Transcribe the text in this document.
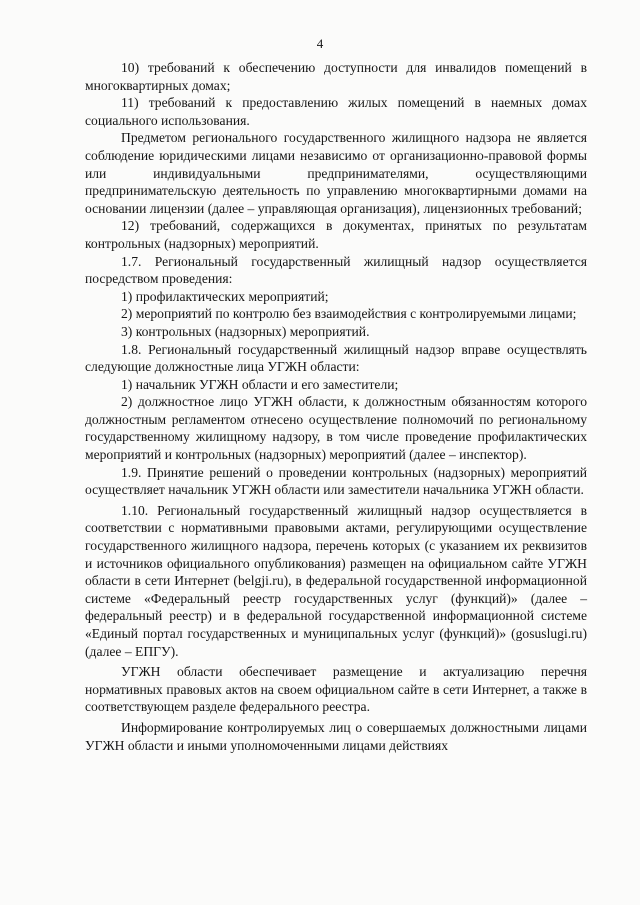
4

10) требований к обеспечению доступности для инвалидов помещений в многоквартирных домах;

11) требований к предоставлению жилых помещений в наемных домах социального использования.

Предметом регионального государственного жилищного надзора не является соблюдение юридическими лицами независимо от организационно-правовой формы или индивидуальными предпринимателями, осуществляющими предпринимательскую деятельность по управлению многоквартирными домами на основании лицензии (далее – управляющая организация), лицензионных требований;

12) требований, содержащихся в документах, принятых по результатам контрольных (надзорных) мероприятий.

1.7. Региональный государственный жилищный надзор осуществляется посредством проведения:

1) профилактических мероприятий;

2) мероприятий по контролю без взаимодействия с контролируемыми лицами;

3) контрольных (надзорных) мероприятий.

1.8. Региональный государственный жилищный надзор вправе осуществлять следующие должностные лица УГЖН области:

1) начальник УГЖН области и его заместители;

2) должностное лицо УГЖН области, к должностным обязанностям которого должностным регламентом отнесено осуществление полномочий по региональному государственному жилищному надзору, в том числе проведение профилактических мероприятий и контрольных (надзорных) мероприятий (далее – инспектор).

1.9. Принятие решений о проведении контрольных (надзорных) мероприятий осуществляет начальник УГЖН области или заместители начальника УГЖН области.

1.10. Региональный государственный жилищный надзор осуществляется в соответствии с нормативными правовыми актами, регулирующими осуществление государственного жилищного надзора, перечень которых (с указанием их реквизитов и источников официального опубликования) размещен на официальном сайте УГЖН области в сети Интернет (belgji.ru), в федеральной государственной информационной системе «Федеральный реестр государственных услуг (функций)» (далее – федеральный реестр) и в федеральной государственной информационной системе «Единый портал государственных и муниципальных услуг (функций)» (gosuslugi.ru) (далее – ЕПГУ).

УГЖН области обеспечивает размещение и актуализацию перечня нормативных правовых актов на своем официальном сайте в сети Интернет, а также в соответствующем разделе федерального реестра.

Информирование контролируемых лиц о совершаемых должностными лицами УГЖН области и иными уполномоченными лицами действиях
